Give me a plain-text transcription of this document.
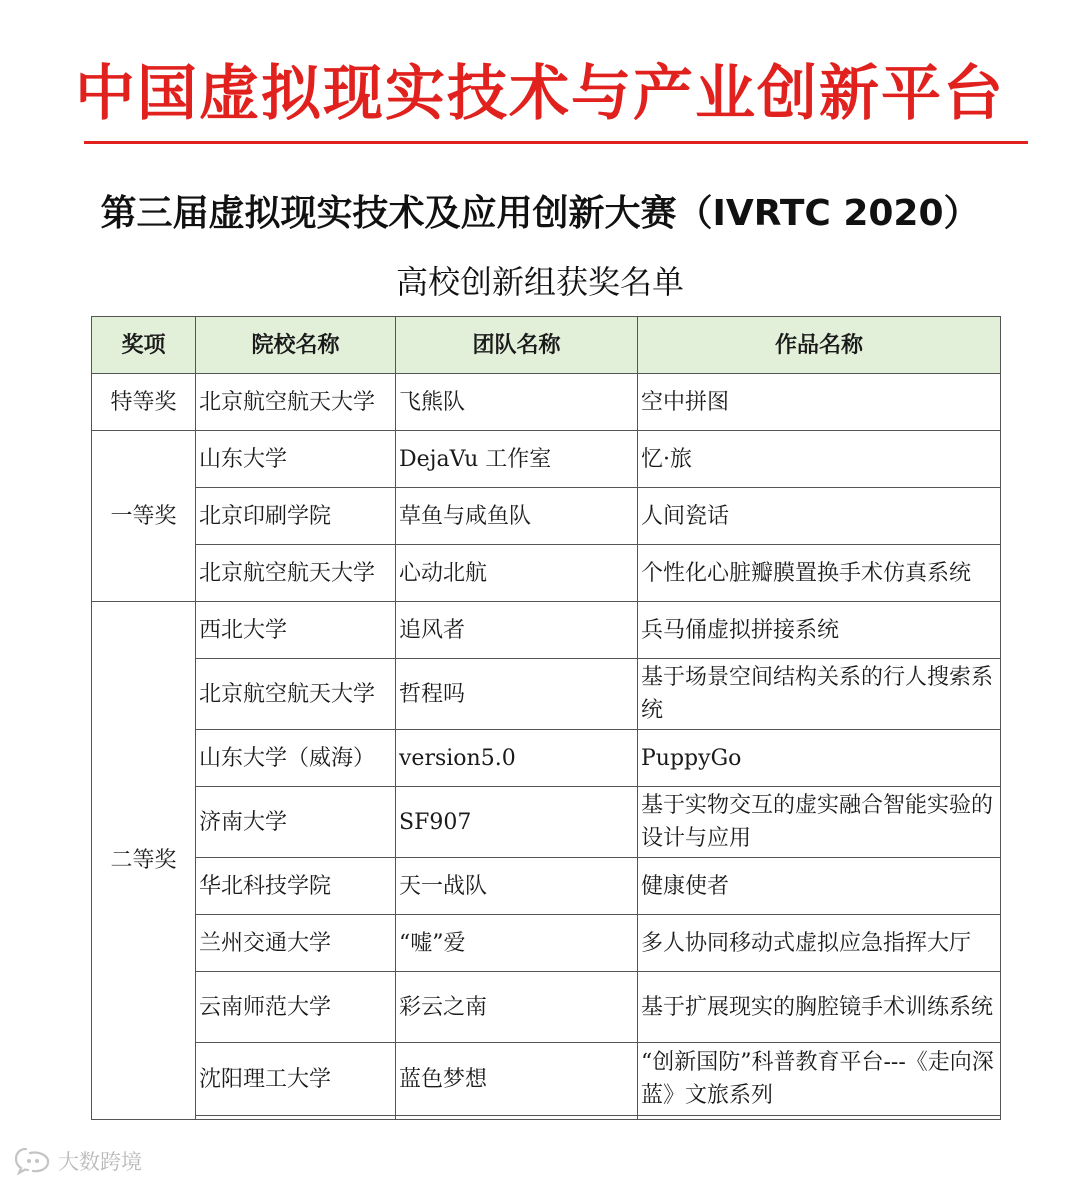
中国虚拟现实技术与产业创新平台
第三届虚拟现实技术及应用创新大赛（IVRTC 2020）
高校创新组获奖名单
奖项	院校名称	团队名称	作品名称
特等奖	北京航空航天大学	飞熊队	空中拼图
一等奖	山东大学	DejaVu 工作室	忆·旅
	北京印刷学院	草鱼与咸鱼队	人间瓷话
	北京航空航天大学	心动北航	个性化心脏瓣膜置换手术仿真系统
二等奖	西北大学	追风者	兵马俑虚拟拼接系统
	北京航空航天大学	哲程吗	基于场景空间结构关系的行人搜索系统
	山东大学（威海）	version5.0	PuppyGo
	济南大学	SF907	基于实物交互的虚实融合智能实验的设计与应用
	华北科技学院	天一战队	健康使者
	兰州交通大学	“嘘”爱	多人协同移动式虚拟应急指挥大厅
	云南师范大学	彩云之南	基于扩展现实的胸腔镜手术训练系统
	沈阳理工大学	蓝色梦想	“创新国防”科普教育平台---《走向深蓝》文旅系列

大数跨境
